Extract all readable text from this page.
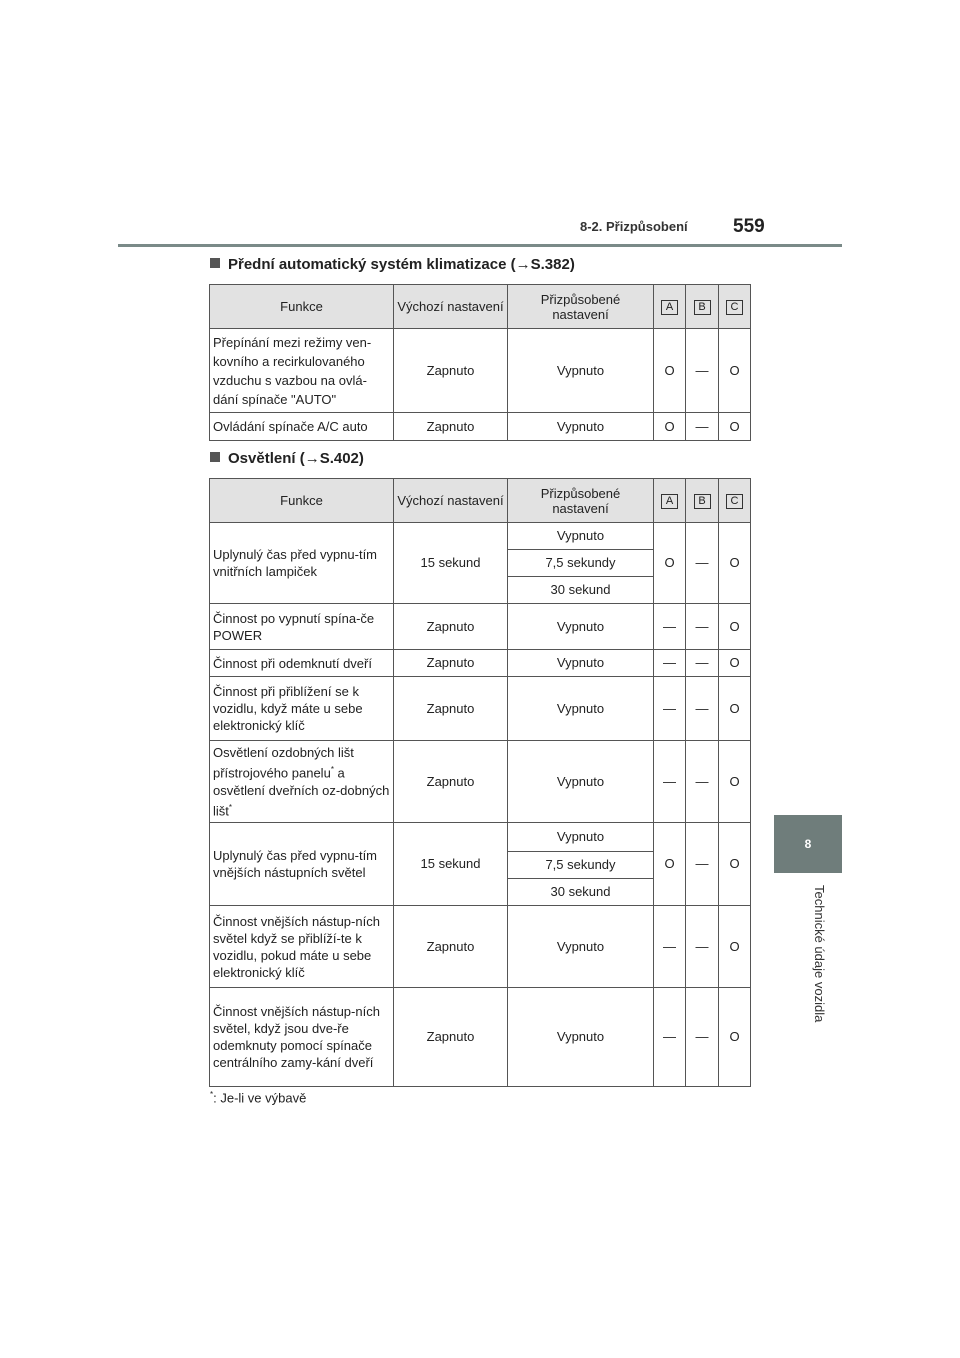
8-2. Přizpůsobení 559
8
Technické údaje vozidla
Přední automatický systém klimatizace (→S.382)
Funkce	Výchozí nastavení	Přizpůsobené nastavení	A	B	C
Přepínání mezi režimy ven-kovního a recirkulovaného vzduchu s vazbou na ovlá-dání spínače "AUTO"	Zapnuto	Vypnuto	O	—	O
Ovládání spínače A/C auto	Zapnuto	Vypnuto	O	—	O
Osvětlení (→S.402)
Funkce	Výchozí nastavení	Přizpůsobené nastavení	A	B	C
Uplynulý čas před vypnu-tím vnitřních lampiček	15 sekund	Vypnuto	O	—	O
		7,5 sekundy			
		30 sekund			
Činnost po vypnutí spína-če POWER	Zapnuto	Vypnuto	—	—	O
Činnost při odemknutí dveří	Zapnuto	Vypnuto	—	—	O
Činnost při přiblížení se k vozidlu, když máte u sebe elektronický klíč	Zapnuto	Vypnuto	—	—	O
Osvětlení ozdobných lišt přístrojového panelu* a osvětlení dveřních oz-dobných lišt*	Zapnuto	Vypnuto	—	—	O
Uplynulý čas před vypnu-tím vnějších nástupních světel	15 sekund	Vypnuto	O	—	O
		7,5 sekundy			
		30 sekund			
Činnost vnějších nástup-ních světel když se přiblíží-te k vozidlu, pokud máte u sebe elektronický klíč	Zapnuto	Vypnuto	—	—	O
Činnost vnějších nástup-ních světel, když jsou dve-ře odemknuty pomocí spínače centrálního zamy-kání dveří	Zapnuto	Vypnuto	—	—	O
*: Je-li ve výbavě
